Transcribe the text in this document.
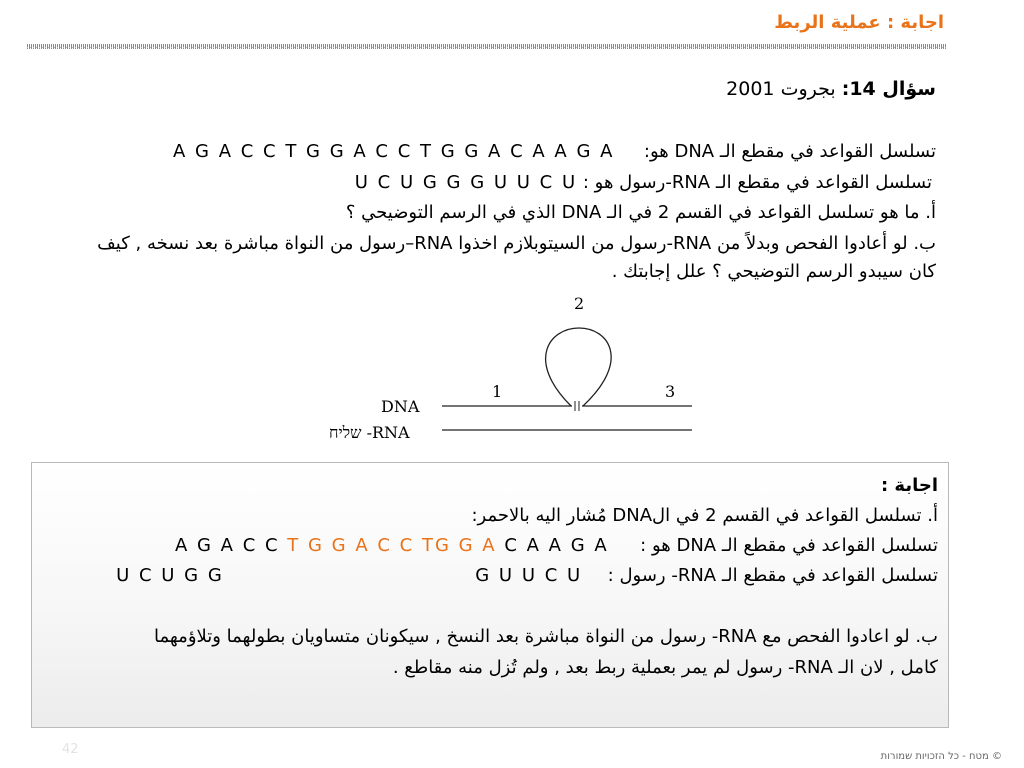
اجابة : عملية الربط
سؤال 14: بجروت 2001
تسلسل القواعد في مقطع الـ DNA هو:  A G A C C T G G A C C T G G A C A A G A
تسلسل القواعد في مقطع الـ RNA-رسول هو : U C U G G G U U C U
أ. ما هو تسلسل القواعد في القسم 2 في الـ DNA الذي في الرسم التوضيحي ؟
ب. لو أعادوا الفحص وبدلاً من RNA-رسول من السيتوبلازم اخذوا RNA–رسول من النواة مباشرة بعد نسخه , كيف كان سيبدو الرسم التوضيحي ؟ علل إجابتك .
2
1	3
DNA
שליח -RNA
اجابة :
أ. تسلسل القواعد في القسم 2 في الDNA مُشار اليه بالاحمر:
تسلسل القواعد في مقطع الـ DNA هو :  A G A C C T G G A C C TG G A C A A G A
تسلسل القواعد في مقطع الـ RNA- رسول :  G U U C U  U C U G G
ب. لو اعادوا الفحص مع RNA- رسول من النواة مباشرة بعد النسخ , سيكونان متساويان بطولهما وتلاؤمهما
كامل , لان الـ RNA- رسول لم يمر بعملية ربط بعد , ولم تُزل منه مقاطع .
42	© מטח - כל הזכויות שמורות
